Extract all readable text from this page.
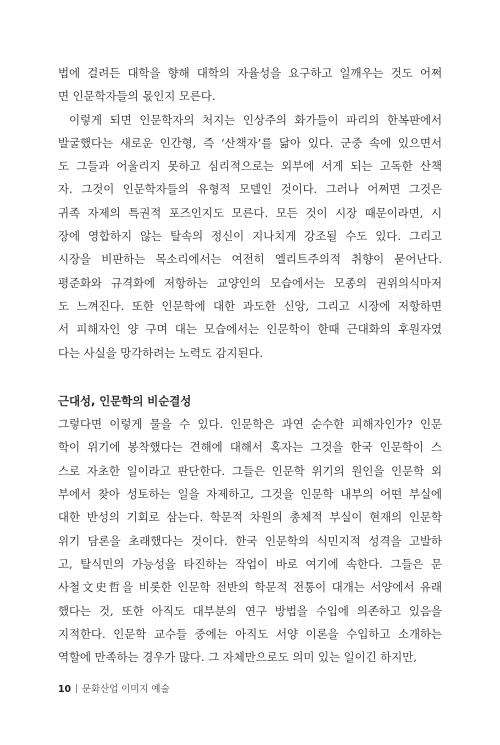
법에 걸려든 대학을 향해 대학의 자율성을 요구하고 일깨우는 것도 어쩌
면 인문학자들의 몫인지 모른다.

이렇게 되면 인문학자의 처지는 인상주의 화가들이 파리의 한복판에서
발굴했다는 새로운 인간형, 즉 ‘산책자’를 닮아 있다. 군중 속에 있으면서
도 그들과 어울리지 못하고 심리적으로는 외부에 서게 되는 고독한 산책
자. 그것이 인문학자들의 유형적 모델인 것이다. 그러나 어쩌면 그것은
귀족 자제의 특권적 포즈인지도 모른다. 모든 것이 시장 때문이라면, 시
장에 영합하지 않는 탈속의 정신이 지나치게 강조될 수도 있다. 그리고
시장을 비판하는 목소리에서는 여전히 엘리트주의적 취향이 묻어난다.
평준화와 규격화에 저항하는 교양인의 모습에서는 모종의 권위의식마저
도 느껴진다. 또한 인문학에 대한 과도한 신앙, 그리고 시장에 저항하면
서 피해자인 양 구며 대는 모습에서는 인문학이 한때 근대화의 후원자였
다는 사실을 망각하려는 노력도 감지된다.

근대성, 인문학의 비순결성

그렇다면 이렇게 물을 수 있다. 인문학은 과연 순수한 피해자인가? 인문
학이 위기에 봉착했다는 견해에 대해서 혹자는 그것을 한국 인문학이 스
스로 자초한 일이라고 판단한다. 그들은 인문학 위기의 원인을 인문학 외
부에서 찾아 성토하는 일을 자제하고, 그것을 인문학 내부의 어떤 부실에
대한 반성의 기회로 삼는다. 학문적 차원의 총체적 부실이 현재의 인문학
위기 담론을 초래했다는 것이다. 한국 인문학의 식민지적 성격을 고발하
고, 탈식민의 가능성을 타진하는 작업이 바로 여기에 속한다. 그들은 문
사철文史哲을 비롯한 인문학 전반의 학문적 전통이 대개는 서양에서 유래
했다는 것, 또한 아직도 대부분의 연구 방법을 수입에 의존하고 있음을
지적한다. 인문학 교수들 중에는 아직도 서양 이론을 수입하고 소개하는
역할에 만족하는 경우가 많다. 그 자체만으로도 의미 있는 일이긴 하지만,

10 문화산업 이미지 예술
